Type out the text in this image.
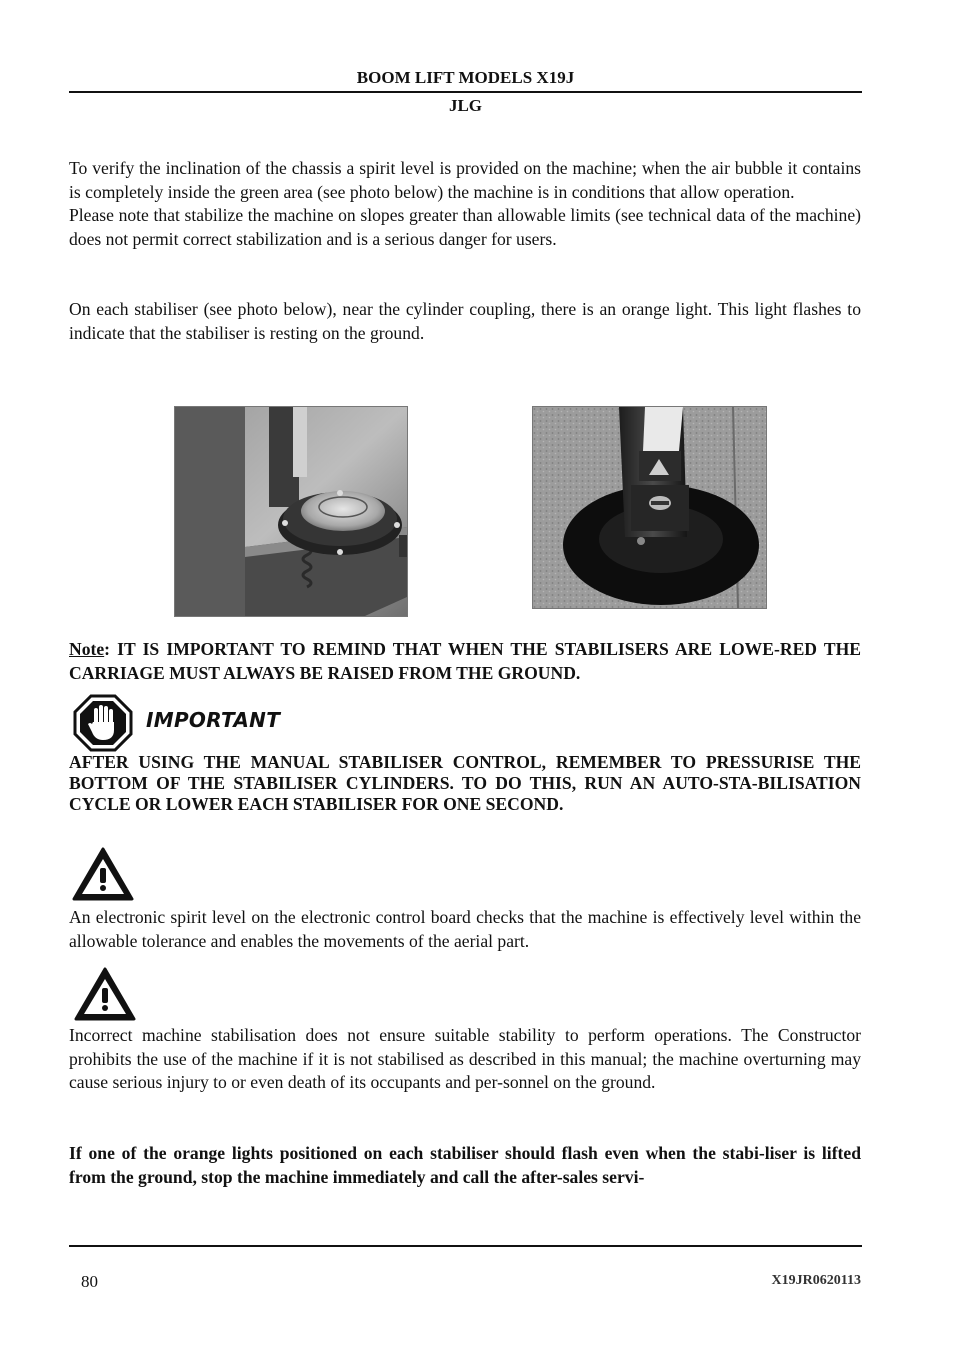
BOOM LIFT MODELS X19J
JLG

To verify the inclination of the chassis a spirit level is provided on the machine; when the air bubble it contains is completely inside the green area (see photo below) the machine is in conditions that allow operation.

Please note that stabilize the machine on slopes greater than allowable limits (see technical data of the machine) does not permit correct stabilization and is a serious danger for users.

On each stabiliser (see photo below), near the cylinder coupling, there is an orange light. This light flashes to indicate that the stabiliser is resting on the ground.

Note: IT IS IMPORTANT TO REMIND THAT WHEN THE STABILISERS ARE LOWE-RED THE CARRIAGE MUST ALWAYS BE RAISED FROM THE GROUND.

IMPORTANT

AFTER USING THE MANUAL STABILISER CONTROL, REMEMBER TO PRESSURISE THE BOTTOM OF THE STABILISER CYLINDERS. TO DO THIS, RUN AN AUTO-STA-BILISATION CYCLE OR LOWER EACH STABILISER FOR ONE SECOND.

An electronic spirit level on the electronic control board checks that the machine is effectively level within the allowable tolerance and enables the movements of the aerial part.

Incorrect machine stabilisation does not ensure suitable stability to perform operations. The Constructor prohibits the use of the machine if it is not stabilised as described in this manual; the machine overturning may cause serious injury to or even death of its occupants and per-sonnel on the ground.

If one of the orange lights positioned on each stabiliser should flash even when the stabi-liser is lifted from the ground, stop the machine immediately and call the after-sales servi-

80	X19JR0620113
